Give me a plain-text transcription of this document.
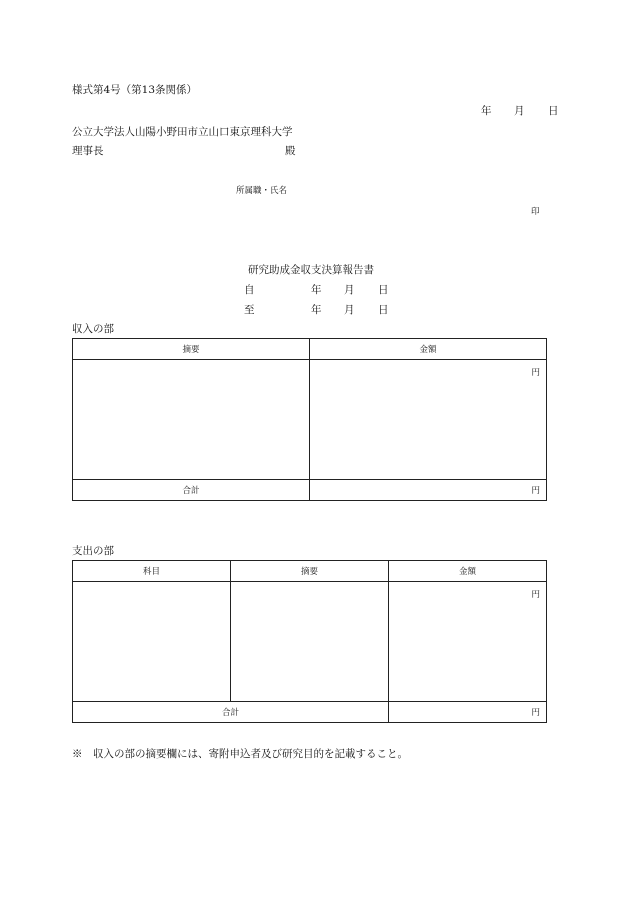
様式第4号（第13条関係）
年 月 日
公立大学法人山陽小野田市立山口東京理科大学
理事長	殿
所属職・氏名
印
研究助成金収支決算報告書
自	年 月 日
至	年 月 日
収入の部
摘要	金額
	円
合計	円
支出の部
科目	摘要	金額
		円
合計		円
※　収入の部の摘要欄には、寄附申込者及び研究目的を記載すること。
